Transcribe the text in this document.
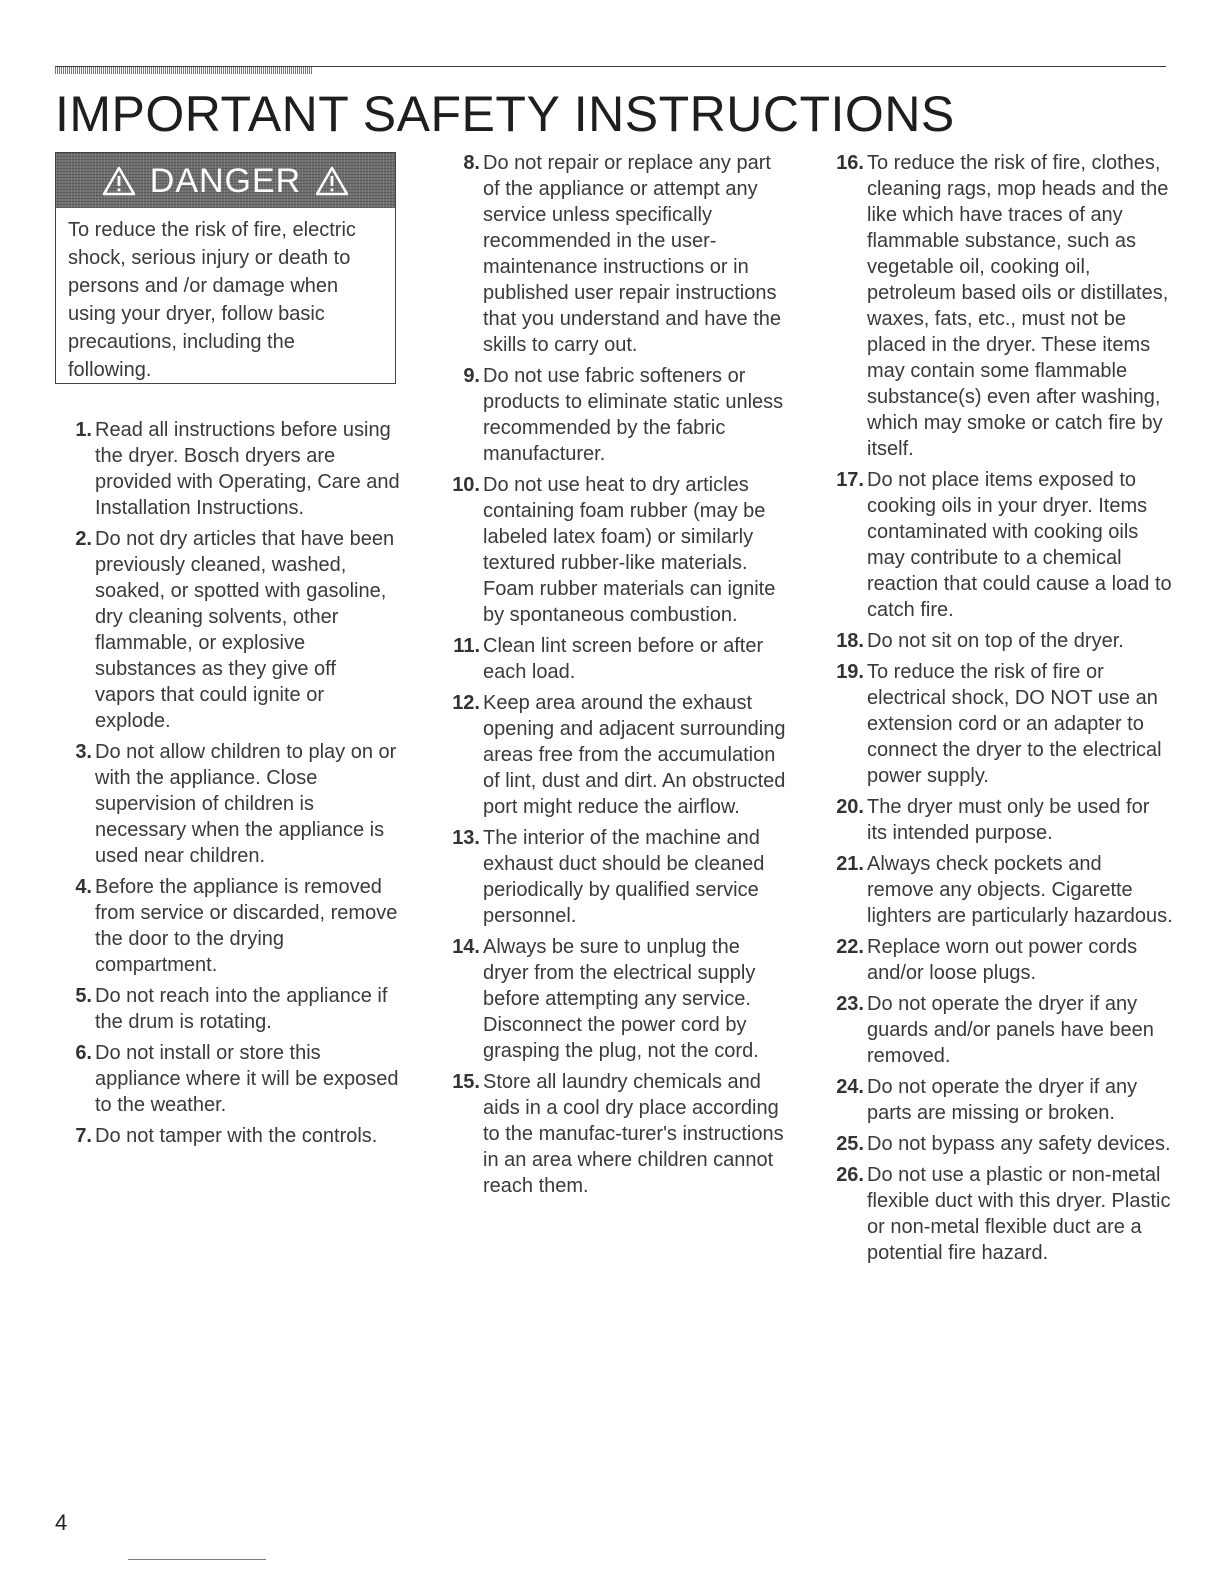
IMPORTANT SAFETY INSTRUCTIONS
DANGER

To reduce the risk of fire, electric shock, serious injury or death to persons and /or damage when using your dryer, follow basic precautions, including the following.

1. Read all instructions before using the dryer. Bosch dryers are provided with Operating, Care and Installation Instructions.
2. Do not dry articles that have been previously cleaned, washed, soaked, or spotted with gasoline, dry cleaning solvents, other flammable, or explosive substances as they give off vapors that could ignite or explode.
3. Do not allow children to play on or with the appliance. Close supervision of children is necessary when the appliance is used near children.
4. Before the appliance is removed from service or discarded, remove the door to the drying compartment.
5. Do not reach into the appliance if the drum is rotating.
6. Do not install or store this appliance where it will be exposed to the weather.
7. Do not tamper with the controls.
8. Do not repair or replace any part of the appliance or attempt any service unless specifically recommended in the user-maintenance instructions or in published user repair instructions that you understand and have the skills to carry out.
9. Do not use fabric softeners or products to eliminate static unless recommended by the fabric manufacturer.
10. Do not use heat to dry articles containing foam rubber (may be labeled latex foam) or similarly textured rubber-like materials. Foam rubber materials can ignite by spontaneous combustion.
11. Clean lint screen before or after each load.
12. Keep area around the exhaust opening and adjacent surrounding areas free from the accumulation of lint, dust and dirt. An obstructed port might reduce the airflow.
13. The interior of the machine and exhaust duct should be cleaned periodically by qualified service personnel.
14. Always be sure to unplug the dryer from the electrical supply before attempting any service. Disconnect the power cord by grasping the plug, not the cord.
15. Store all laundry chemicals and aids in a cool dry place according to the manufac-turer's instructions in an area where children cannot reach them.
16. To reduce the risk of fire, clothes, cleaning rags, mop heads and the like which have traces of any flammable substance, such as vegetable oil, cooking oil, petroleum based oils or distillates, waxes, fats, etc., must not be placed in the dryer. These items may contain some flammable substance(s) even after washing, which may smoke or catch fire by itself.
17. Do not place items exposed to cooking oils in your dryer. Items contaminated with cooking oils may contribute to a chemical reaction that could cause a load to catch fire.
18. Do not sit on top of the dryer.
19. To reduce the risk of fire or electrical shock, DO NOT use an extension cord or an adapter to connect the dryer to the electrical power supply.
20. The dryer must only be used for its intended purpose.
21. Always check pockets and remove any objects. Cigarette lighters are particularly hazardous.
22. Replace worn out power cords and/or loose plugs.
23. Do not operate the dryer if any guards and/or panels have been removed.
24. Do not operate the dryer if any parts are missing or broken.
25. Do not bypass any safety devices.
26. Do not use a plastic or non-metal flexible duct with this dryer. Plastic or non-metal flexible duct are a potential fire hazard.
4
